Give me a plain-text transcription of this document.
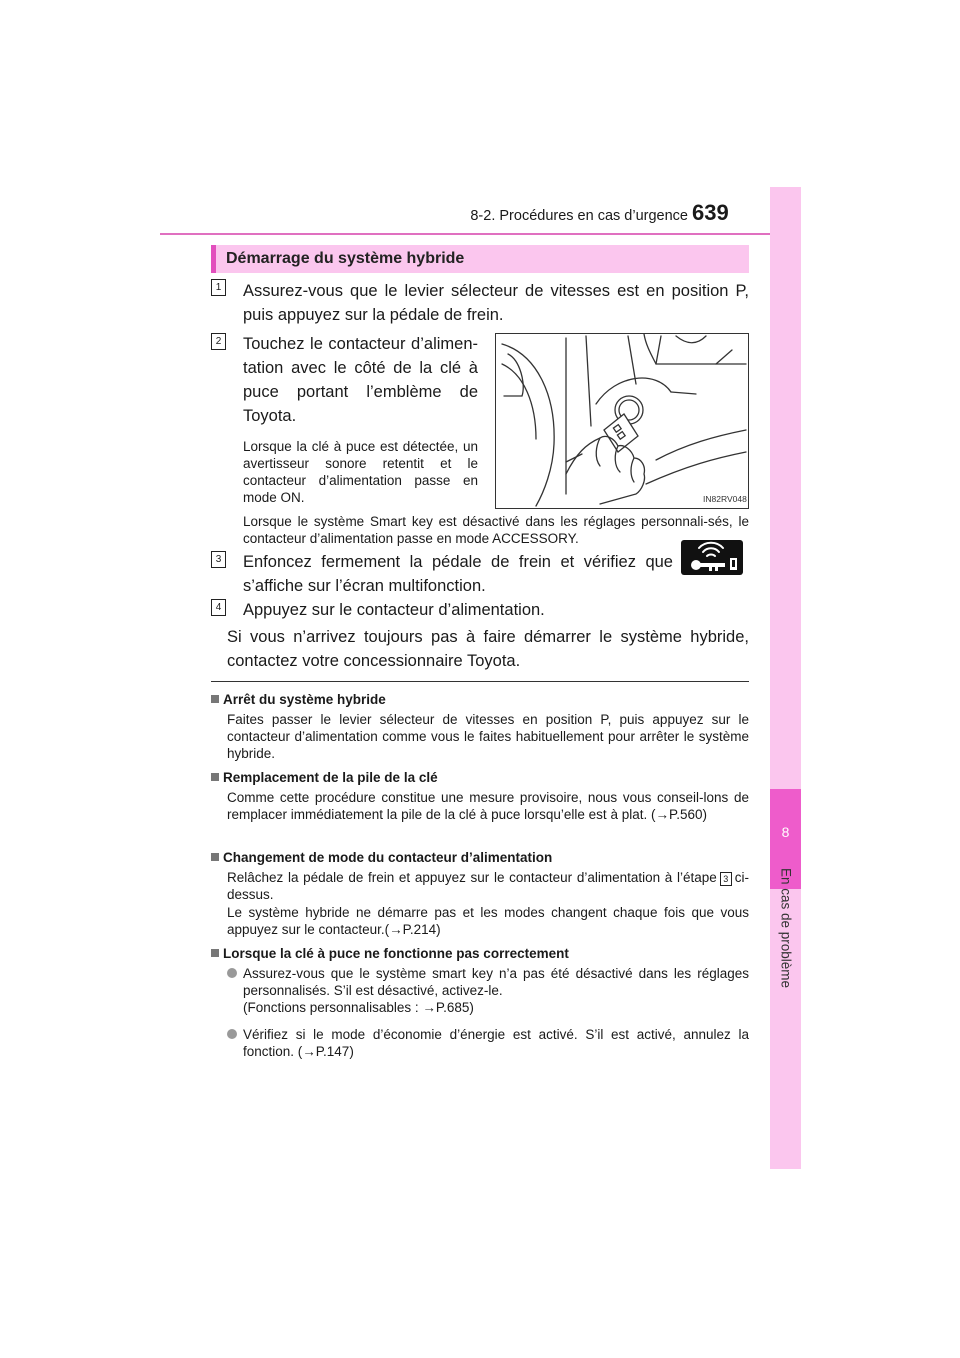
8-2. Procédures en cas d’urgence 639
8
En cas de problème
Démarrage du système hybride
1 Assurez-vous que le levier sélecteur de vitesses est en position P,
puis appuyez sur la pédale de frein.
2 Touchez le contacteur d’alimen-
tation avec le côté de la clé à
puce portant l’emblème de
Toyota.
Lorsque la clé à puce est détectée, un avertisseur sonore retentit et le contacteur d’alimentation passe en mode ON.
Lorsque le système Smart key est désactivé dans les réglages personnali-sés, le contacteur d’alimentation passe en mode ACCESSORY.
IN82RV048
3 Enfoncez fermement la pédale de frein et vérifiez que
s’affiche sur l’écran multifonction.
4 Appuyez sur le contacteur d’alimentation.
Si vous n’arrivez toujours pas à faire démarrer le système hybride, contactez votre concessionnaire Toyota.
Arrêt du système hybride
Faites passer le levier sélecteur de vitesses en position P, puis appuyez sur le contacteur d’alimentation comme vous le faites habituellement pour arrêter le système hybride.
Remplacement de la pile de la clé
Comme cette procédure constitue une mesure provisoire, nous vous conseil-lons de remplacer immédiatement la pile de la clé à puce lorsqu’elle est à plat. (→P.560)
Changement de mode du contacteur d’alimentation
Relâchez la pédale de frein et appuyez sur le contacteur d’alimentation à l’étape 3 ci-dessus.
Le système hybride ne démarre pas et les modes changent chaque fois que vous appuyez sur le contacteur.(→P.214)
Lorsque la clé à puce ne fonctionne pas correctement
Assurez-vous que le système smart key n’a pas été désactivé dans les réglages personnalisés. S’il est désactivé, activez-le.
(Fonctions personnalisables : →P.685)
Vérifiez si le mode d’économie d’énergie est activé. S’il est activé, annulez la fonction. (→P.147)
